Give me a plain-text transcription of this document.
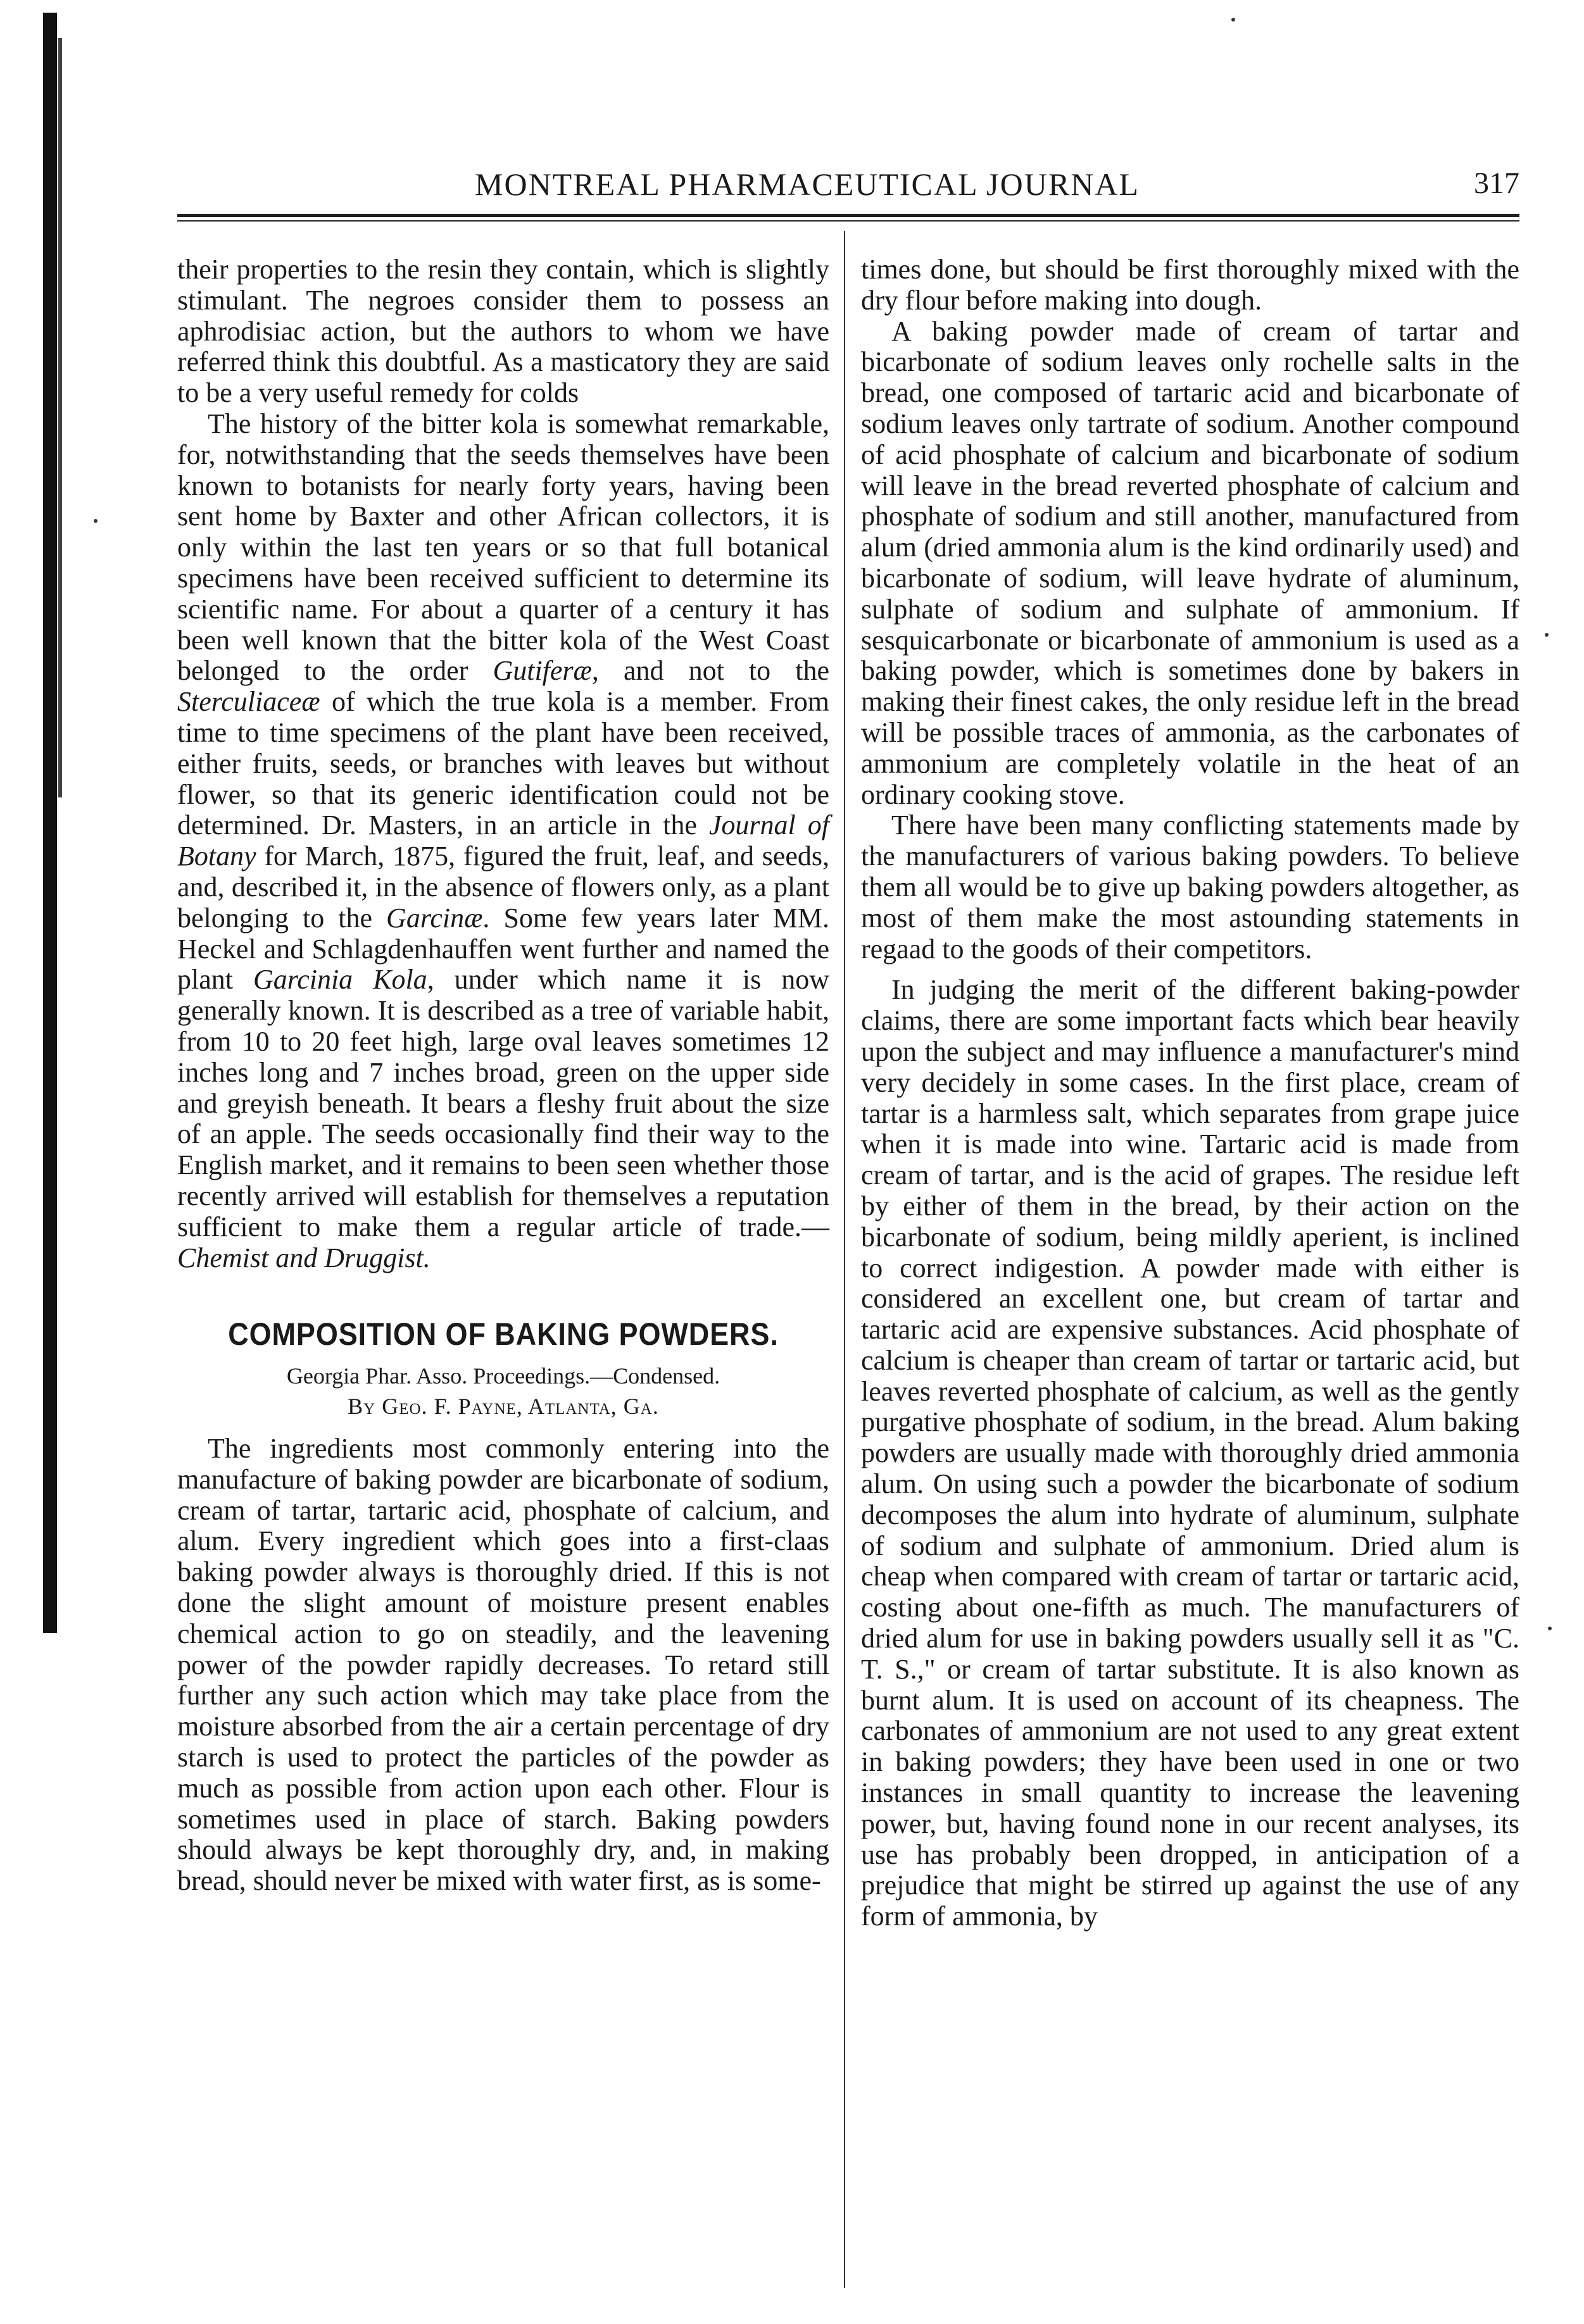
MONTREAL PHARMACEUTICAL JOURNAL	317

their properties to the resin they contain, which is slightly stimulant. The negroes consider them to possess an aphrodisiac action, but the authors to whom we have referred think this doubtful. As a masticatory they are said to be a very useful remedy for colds

The history of the bitter kola is somewhat remarkable, for, notwithstanding that the seeds themselves have been known to botanists for nearly forty years, having been sent home by Baxter and other African collectors, it is only within the last ten years or so that full botanical specimens have been received sufficient to determine its scientific name. For about a quarter of a century it has been well known that the bitter kola of the West Coast belonged to the order Gutiferæ, and not to the Sterculiaceæ of which the true kola is a member. From time to time specimens of the plant have been received, either fruits, seeds, or branches with leaves but without flower, so that its generic identification could not be determined. Dr. Masters, in an article in the Journal of Botany for March, 1875, figured the fruit, leaf, and seeds, and, described it, in the absence of flowers only, as a plant belonging to the Garcinæ. Some few years later MM. Heckel and Schlagdenhauffen went further and named the plant Garcinia Kola, under which name it is now generally known. It is described as a tree of variable habit, from 10 to 20 feet high, large oval leaves sometimes 12 inches long and 7 inches broad, green on the upper side and greyish beneath. It bears a fleshy fruit about the size of an apple. The seeds occasionally find their way to the English market, and it remains to been seen whether those recently arrived will establish for themselves a reputation sufficient to make them a regular article of trade.—Chemist and Druggist.

COMPOSITION OF BAKING POWDERS.
Georgia Phar. Asso. Proceedings.—Condensed.
By Geo. F. Payne, Atlanta, Ga.

The ingredients most commonly entering into the manufacture of baking powder are bicarbonate of sodium, cream of tartar, tartaric acid, phosphate of calcium, and alum. Every ingredient which goes into a first-claas baking powder always is thoroughly dried. If this is not done the slight amount of moisture present enables chemical action to go on steadily, and the leavening power of the powder rapidly decreases. To retard still further any such action which may take place from the moisture absorbed from the air a certain percentage of dry starch is used to protect the particles of the powder as much as possible from action upon each other. Flour is sometimes used in place of starch. Baking powders should always be kept thoroughly dry, and, in making bread, should never be mixed with water first, as is some-

times done, but should be first thoroughly mixed with the dry flour before making into dough.

A baking powder made of cream of tartar and bicarbonate of sodium leaves only rochelle salts in the bread, one composed of tartaric acid and bicarbonate of sodium leaves only tartrate of sodium. Another compound of acid phosphate of calcium and bicarbonate of sodium will leave in the bread reverted phosphate of calcium and phosphate of sodium and still another, manufactured from alum (dried ammonia alum is the kind ordinarily used) and bicarbonate of sodium, will leave hydrate of aluminum, sulphate of sodium and sulphate of ammonium. If sesquicarbonate or bicarbonate of ammonium is used as a baking powder, which is sometimes done by bakers in making their finest cakes, the only residue left in the bread will be possible traces of ammonia, as the carbonates of ammonium are completely volatile in the heat of an ordinary cooking stove.

There have been many conflicting statements made by the manufacturers of various baking powders. To believe them all would be to give up baking powders altogether, as most of them make the most astounding statements in regaad to the goods of their competitors.

In judging the merit of the different baking-powder claims, there are some important facts which bear heavily upon the subject and may influence a manufacturer's mind very decidely in some cases. In the first place, cream of tartar is a harmless salt, which separates from grape juice when it is made into wine. Tartaric acid is made from cream of tartar, and is the acid of grapes. The residue left by either of them in the bread, by their action on the bicarbonate of sodium, being mildly aperient, is inclined to correct indigestion. A powder made with either is considered an excellent one, but cream of tartar and tartaric acid are expensive substances. Acid phosphate of calcium is cheaper than cream of tartar or tartaric acid, but leaves reverted phosphate of calcium, as well as the gently purgative phosphate of sodium, in the bread. Alum baking powders are usually made with thoroughly dried ammonia alum. On using such a powder the bicarbonate of sodium decomposes the alum into hydrate of aluminum, sulphate of sodium and sulphate of ammonium. Dried alum is cheap when compared with cream of tartar or tartaric acid, costing about one-fifth as much. The manufacturers of dried alum for use in baking powders usually sell it as "C. T. S.," or cream of tartar substitute. It is also known as burnt alum. It is used on account of its cheapness. The carbonates of ammonium are not used to any great extent in baking powders; they have been used in one or two instances in small quantity to increase the leavening power, but, having found none in our recent analyses, its use has probably been dropped, in anticipation of a prejudice that might be stirred up against the use of any form of ammonia, by
